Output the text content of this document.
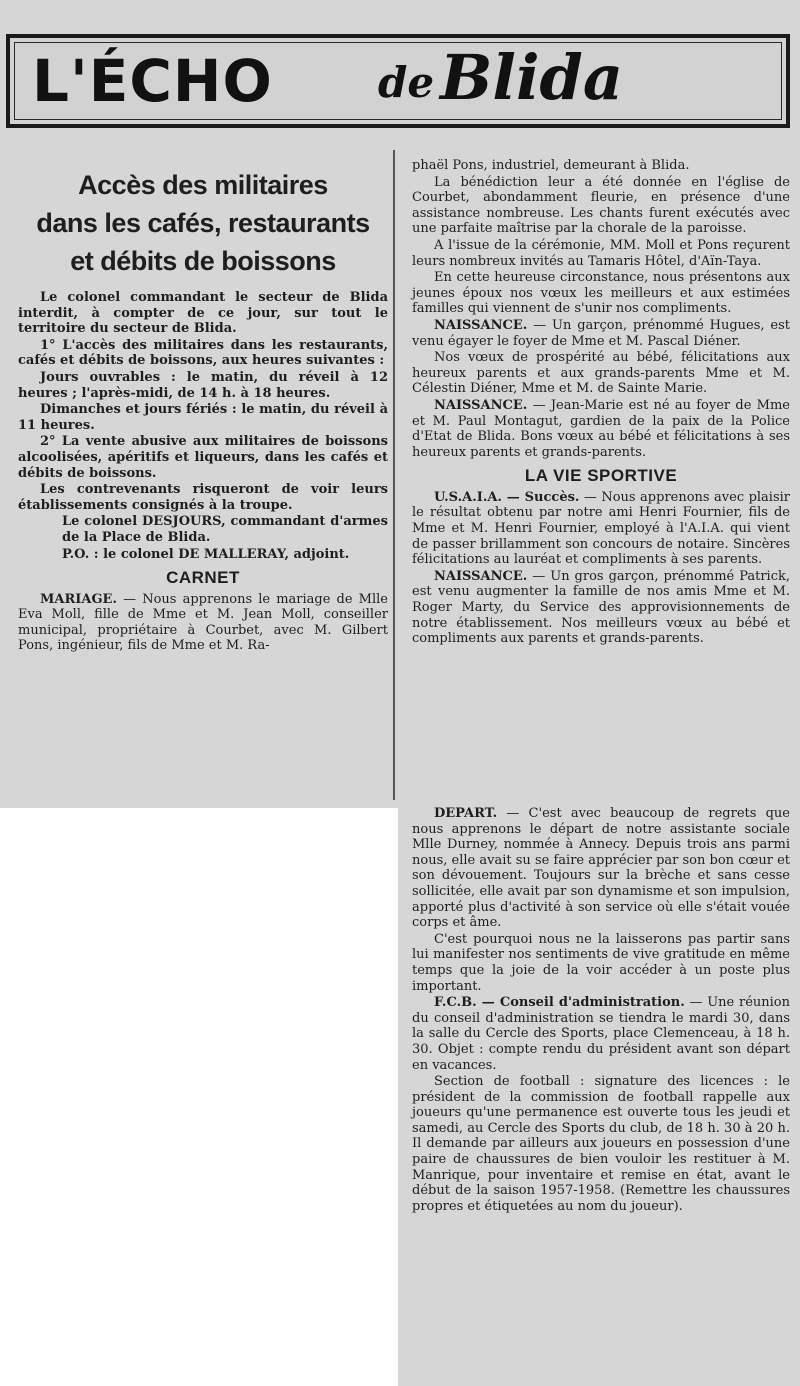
L'ÉCHO	de Blida
Accès des militaires
dans les cafés, restaurants
et débits de boissons

Le colonel commandant le secteur de Blida interdit, à compter de ce jour, sur tout le territoire du secteur de Blida.

1° L'accès des militaires dans les restaurants, cafés et débits de boissons, aux heures suivantes :

Jours ouvrables : le matin, du réveil à 12 heures ; l'après-midi, de 14 h. à 18 heures.

Dimanches et jours fériés : le matin, du réveil à 11 heures.

2° La vente abusive aux militaires de boissons alcoolisées, apéritifs et liqueurs, dans les cafés et débits de boissons.

Les contrevenants risqueront de voir leurs établissements consignés à la troupe.

Le colonel DESJOURS, commandant d'armes de la Place de Blida.

P.O. : le colonel DE MALLERAY, adjoint.

CARNET

MARIAGE. — Nous apprenons le mariage de Mlle Eva Moll, fille de Mme et M. Jean Moll, conseiller municipal, propriétaire à Courbet, avec M. Gilbert Pons, ingénieur, fils de Mme et M. Ra-

phaël Pons, industriel, demeurant à Blida.

La bénédiction leur a été donnée en l'église de Courbet, abondamment fleurie, en présence d'une assistance nombreuse. Les chants furent exécutés avec une parfaite maîtrise par la chorale de la paroisse.

A l'issue de la cérémonie, MM. Moll et Pons reçurent leurs nombreux invités au Tamaris Hôtel, d'Aïn-Taya.

En cette heureuse circonstance, nous présentons aux jeunes époux nos vœux les meilleurs et aux estimées familles qui viennent de s'unir nos compliments.

NAISSANCE. — Un garçon, prénommé Hugues, est venu égayer le foyer de Mme et M. Pascal Diéner.

Nos vœux de prospérité au bébé, félicitations aux heureux parents et aux grands-parents Mme et M. Célestin Diéner, Mme et M. de Sainte Marie.

NAISSANCE. — Jean-Marie est né au foyer de Mme et M. Paul Montagut, gardien de la paix de la Police d'Etat de Blida. Bons vœux au bébé et félicitations à ses heureux parents et grands-parents.

LA VIE SPORTIVE

U.S.A.I.A. — Succès. — Nous apprenons avec plaisir le résultat obtenu par notre ami Henri Fournier, fils de Mme et M. Henri Fournier, employé à l'A.I.A. qui vient de passer brillamment son concours de notaire. Sincères félicitations au lauréat et compliments à ses parents.

NAISSANCE. — Un gros garçon, prénommé Patrick, est venu augmenter la famille de nos amis Mme et M. Roger Marty, du Service des approvisionnements de notre établissement. Nos meilleurs vœux au bébé et compliments aux parents et grands-parents.

DEPART. — C'est avec beaucoup de regrets que nous apprenons le départ de notre assistante sociale Mlle Durney, nommée à Annecy. Depuis trois ans parmi nous, elle avait su se faire apprécier par son bon cœur et son dévouement. Toujours sur la brèche et sans cesse sollicitée, elle avait par son dynamisme et son impulsion, apporté plus d'activité à son service où elle s'était vouée corps et âme.

C'est pourquoi nous ne la laisserons pas partir sans lui manifester nos sentiments de vive gratitude en même temps que la joie de la voir accéder à un poste plus important.

F.C.B. — Conseil d'administration. — Une réunion du conseil d'administration se tiendra le mardi 30, dans la salle du Cercle des Sports, place Clemenceau, à 18 h. 30. Objet : compte rendu du président avant son départ en vacances.

Section de football : signature des licences : le président de la commission de football rappelle aux joueurs qu'une permanence est ouverte tous les jeudi et samedi, au Cercle des Sports du club, de 18 h. 30 à 20 h. Il demande par ailleurs aux joueurs en possession d'une paire de chaussures de bien vouloir les restituer à M. Manrique, pour inventaire et remise en état, avant le début de la saison 1957-1958. (Remettre les chaussures propres et étiquetées au nom du joueur).
